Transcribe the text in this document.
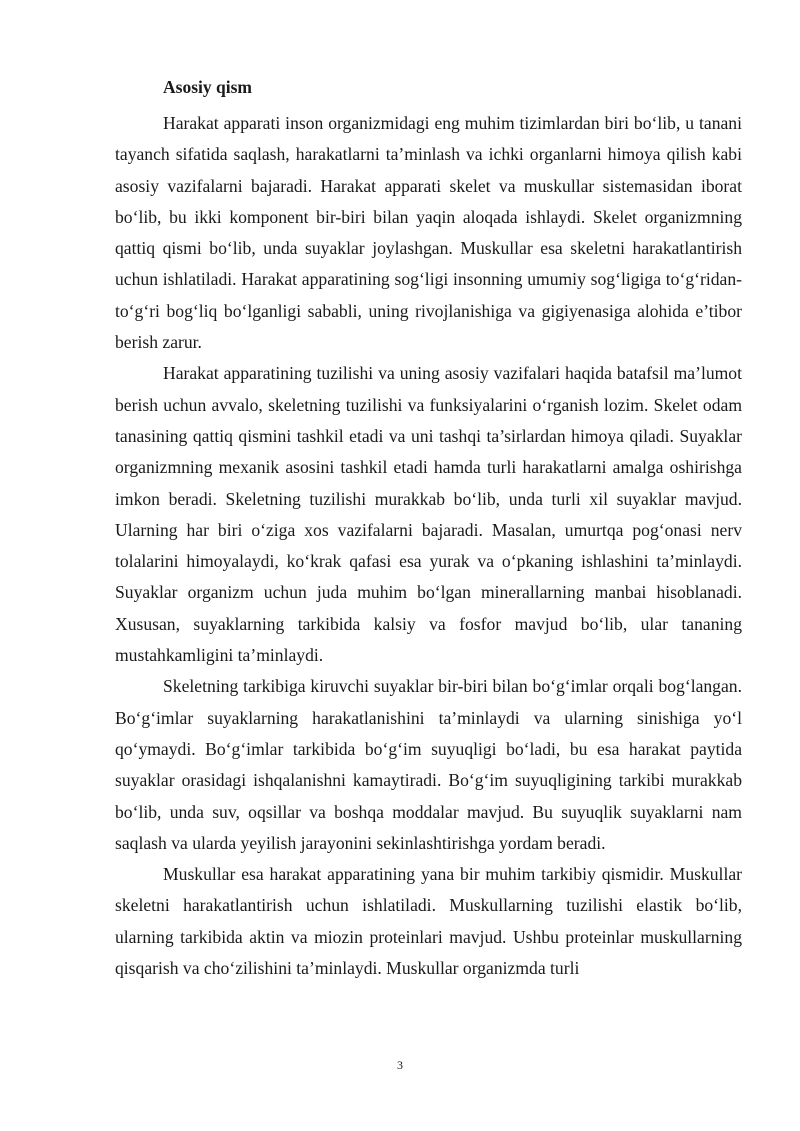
Asosiy qism

Harakat apparati inson organizmidagi eng muhim tizimlardan biri bo‘lib, u tanani tayanch sifatida saqlash, harakatlarni ta’minlash va ichki organlarni himoya qilish kabi asosiy vazifalarni bajaradi. Harakat apparati skelet va muskullar sistemasidan iborat bo‘lib, bu ikki komponent bir-biri bilan yaqin aloqada ishlaydi. Skelet organizmning qattiq qismi bo‘lib, unda suyaklar joylashgan. Muskullar esa skeletni harakatlantirish uchun ishlatiladi. Harakat apparatining sog‘ligi insonning umumiy sog‘ligiga to‘g‘ridan-to‘g‘ri bog‘liq bo‘lganligi sababli, uning rivojlanishiga va gigiyenasiga alohida e’tibor berish zarur.

Harakat apparatining tuzilishi va uning asosiy vazifalari haqida batafsil ma’lumot berish uchun avvalo, skeletning tuzilishi va funksiyalarini o‘rganish lozim. Skelet odam tanasining qattiq qismini tashkil etadi va uni tashqi ta’sirlardan himoya qiladi. Suyaklar organizmning mexanik asosini tashkil etadi hamda turli harakatlarni amalga oshirishga imkon beradi. Skeletning tuzilishi murakkab bo‘lib, unda turli xil suyaklar mavjud. Ularning har biri o‘ziga xos vazifalarni bajaradi. Masalan, umurtqa pog‘onasi nerv tolalarini himoyalaydi, ko‘krak qafasi esa yurak va o‘pkaning ishlashini ta’minlaydi. Suyaklar organizm uchun juda muhim bo‘lgan minerallarning manbai hisoblanadi. Xususan, suyaklarning tarkibida kalsiy va fosfor mavjud bo‘lib, ular tananing mustahkamligini ta’minlaydi.

Skeletning tarkibiga kiruvchi suyaklar bir-biri bilan bo‘g‘imlar orqali bog‘langan. Bo‘g‘imlar suyaklarning harakatlanishini ta’minlaydi va ularning sinishiga yo‘l qo‘ymaydi. Bo‘g‘imlar tarkibida bo‘g‘im suyuqligi bo‘ladi, bu esa harakat paytida suyaklar orasidagi ishqalanishni kamaytiradi. Bo‘g‘im suyuqligining tarkibi murakkab bo‘lib, unda suv, oqsillar va boshqa moddalar mavjud. Bu suyuqlik suyaklarni nam saqlash va ularda yeyilish jarayonini sekinlashtirishga yordam beradi.

Muskullar esa harakat apparatining yana bir muhim tarkibiy qismidir. Muskullar skeletni harakatlantirish uchun ishlatiladi. Muskullarning tuzilishi elastik bo‘lib, ularning tarkibida aktin va miozin proteinlari mavjud. Ushbu proteinlar muskullarning qisqarish va cho‘zilishini ta’minlaydi. Muskullar organizmda turli

3
